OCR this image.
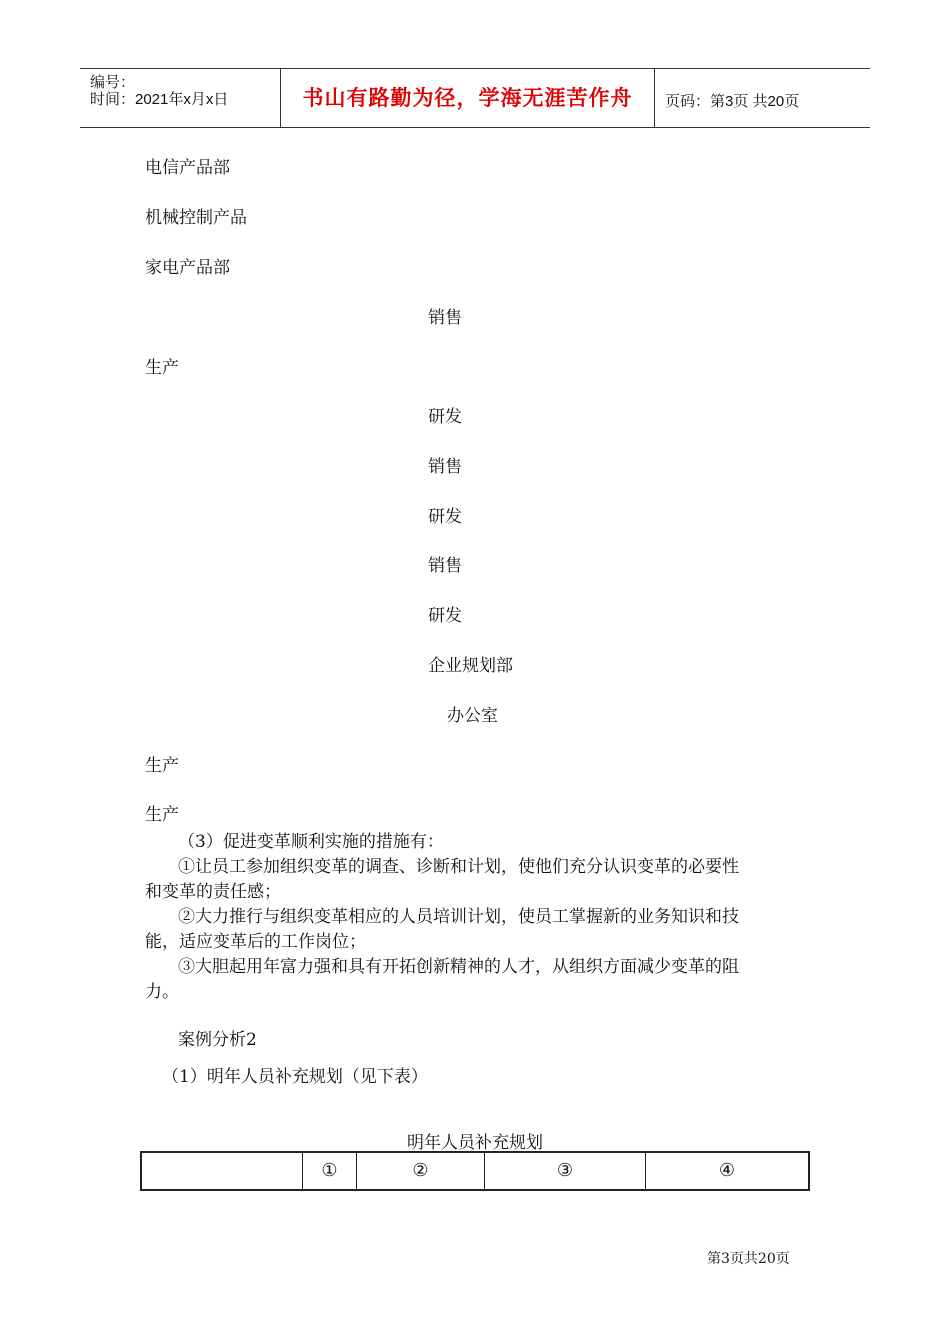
编号：
时间：2021年x月x日	书山有路勤为径，学海无涯苦作舟	页码：第3页 共20页
电信产品部
机械控制产品
家电产品部
销售
生产
研发
销售
研发
销售
研发
企业规划部
办公室
生产
生产
（3）促进变革顺利实施的措施有：
①让员工参加组织变革的调查、诊断和计划，使他们充分认识变革的必要性
和变革的责任感；
②大力推行与组织变革相应的人员培训计划，使员工掌握新的业务知识和技
能，适应变革后的工作岗位；
③大胆起用年富力强和具有开拓创新精神的人才，从组织方面减少变革的阻
力。
案例分析2
（1）明年人员补充规划（见下表）
明年人员补充规划
①	②	③	④
第3页共20页
